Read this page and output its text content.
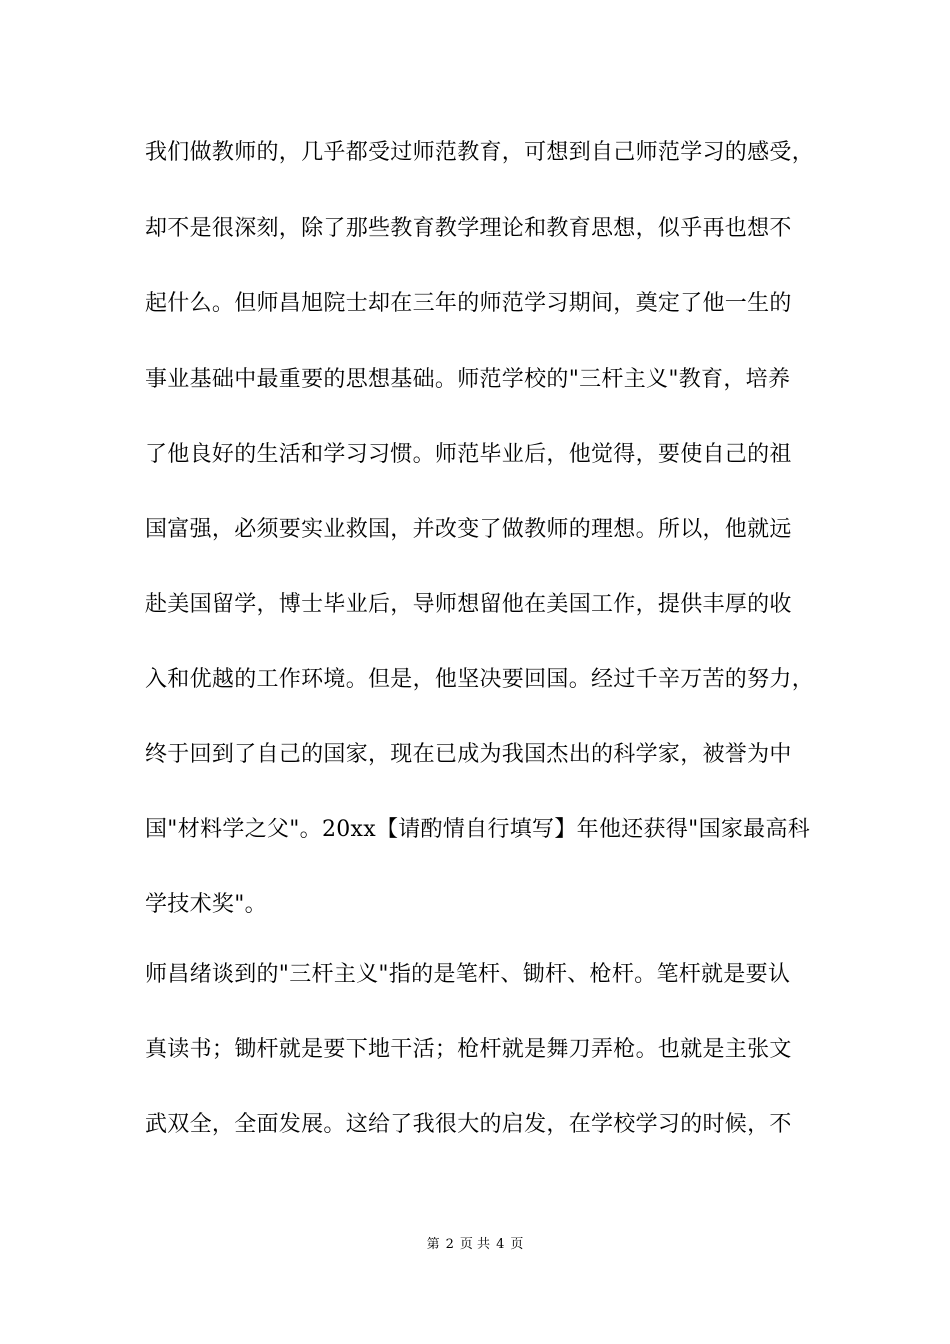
我们做教师的，几乎都受过师范教育，可想到自己师范学习的感受，
却不是很深刻，除了那些教育教学理论和教育思想，似乎再也想不
起什么。但师昌旭院士却在三年的师范学习期间，奠定了他一生的
事业基础中最重要的思想基础。师范学校的"三杆主义"教育，培养
了他良好的生活和学习习惯。师范毕业后，他觉得，要使自己的祖
国富强，必须要实业救国，并改变了做教师的理想。所以，他就远
赴美国留学，博士毕业后，导师想留他在美国工作，提供丰厚的收
入和优越的工作环境。但是，他坚决要回国。经过千辛万苦的努力，
终于回到了自己的国家，现在已成为我国杰出的科学家，被誉为中
国"材料学之父"。20xx【请酌情自行填写】年他还获得"国家最高科
学技术奖"。
师昌绪谈到的"三杆主义"指的是笔杆、锄杆、枪杆。笔杆就是要认
真读书；锄杆就是要下地干活；枪杆就是舞刀弄枪。也就是主张文
武双全，全面发展。这给了我很大的启发，在学校学习的时候，不
第 2 页 共 4 页
